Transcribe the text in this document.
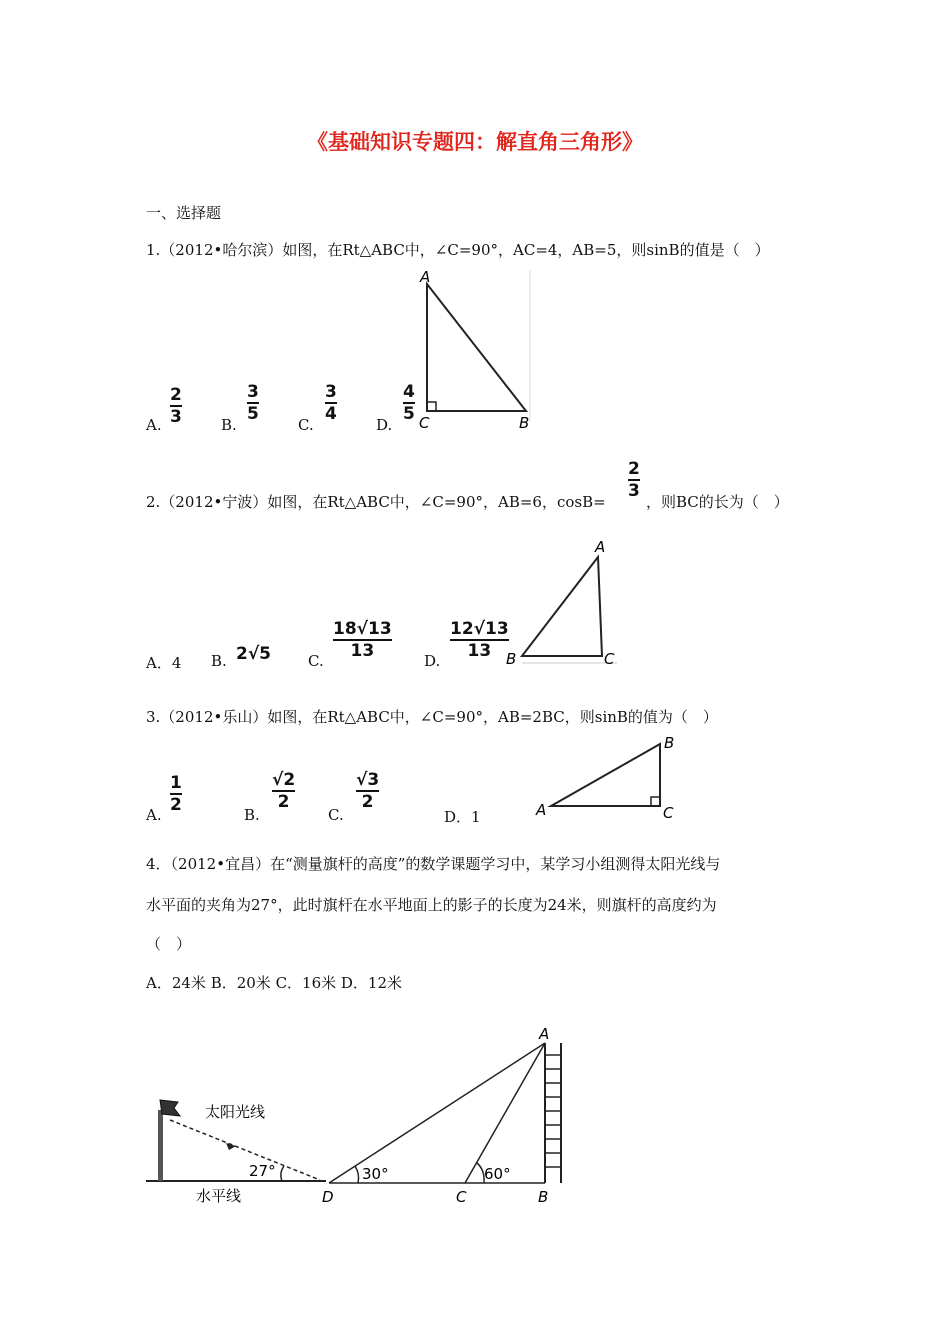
《基础知识专题四：解直角三角形》
一、选择题
1.（2012•哈尔滨）如图，在Rt△ABC中，∠C=90°，AC=4，AB=5，则sinB的值是（　）
A.
2
3	B.
3
5
C.
3
4
D.
4
5
2.（2012•宁波）如图，在Rt△ABC中，∠C=90°，AB=6，cosB=
2
3
，则BC的长为（　）
A．4 B. 2√5 C.
18√13
13	D.
12√13
13
3.（2012•乐山）如图，在Rt△ABC中，∠C=90°，AB=2BC，则sinB的值为（　）
A.
1
2	B.
√2
2
C.
√3
2
D．1
4．（2012•宜昌）在“测量旗杆的高度”的数学课题学习中，某学习小组测得太阳光线与
水平面的夹角为27°，此时旗杆在水平地面上的影子的长度为24米，则旗杆的高度约为
（　）
A．24米 B．20米 C．16米 D．12米
A
C	B
A
B	C
A
B
C
太阳光线
27°
水平线
A
B
C
D
30°	60°
